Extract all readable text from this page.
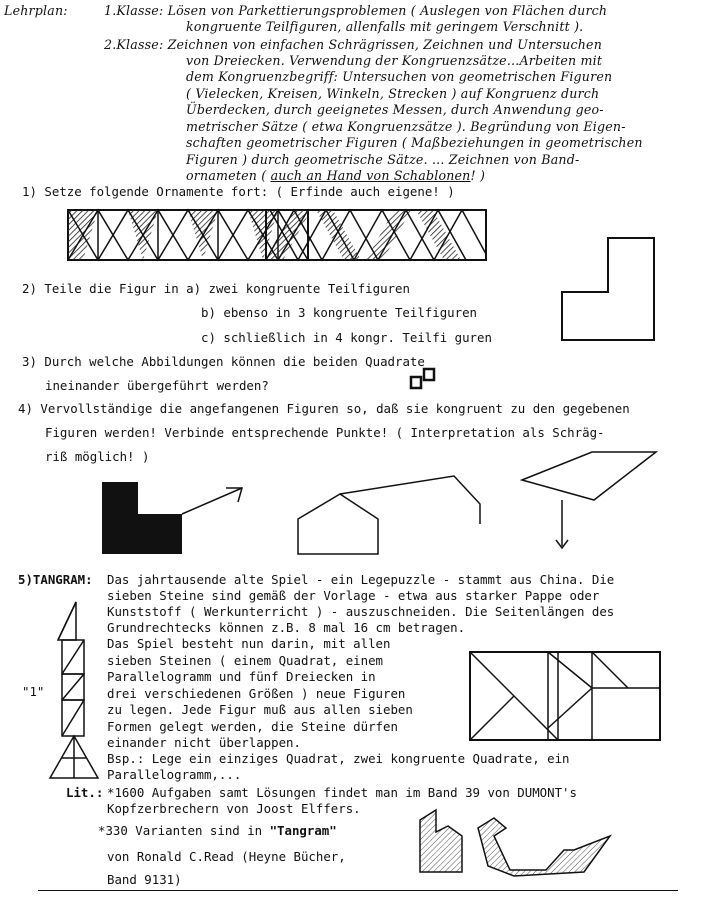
Lehrplan:	1.Klasse: Lösen von Parkettierungsproblemen ( Auslegen von Flächen durch
kongruente Teilfiguren, allenfalls mit geringem Verschnitt ).
2.Klasse: Zeichnen von einfachen Schrägrissen, Zeichnen und Untersuchen
von Dreiecken. Verwendung der Kongruenzsätze...Arbeiten mit
dem Kongruenzbegriff: Untersuchen von geometrischen Figuren
( Vielecken, Kreisen, Winkeln, Strecken ) auf Kongruenz durch
Überdecken, durch geeignetes Messen, durch Anwendung geo-
metrischer Sätze ( etwa Kongruenzsätze ). Begründung von Eigen-
schaften geometrischer Figuren ( Maßbeziehungen in geometrischen
Figuren ) durch geometrische Sätze. ... Zeichnen von Band-
ornameten ( auch an Hand von Schablonen! )
1) Setze folgende Ornamente fort: ( Erfinde auch eigene! )
2) Teile die Figur in a) zwei kongruente Teilfiguren
b) ebenso in 3 kongruente Teilfiguren
c) schließlich in 4 kongr. Teilfi guren
3) Durch welche Abbildungen können die beiden Quadrate
ineinander übergeführt werden?
4) Vervollständige die angefangenen Figuren so, daß sie kongruent zu den gegebenen
Figuren werden! Verbinde entsprechende Punkte! ( Interpretation als Schräg-
riß möglich! )
5)TANGRAM: Das jahrtausende alte Spiel - ein Legepuzzle - stammt aus China. Die
sieben Steine sind gemäß der Vorlage - etwa aus starker Pappe oder
Kunststoff ( Werkunterricht ) - auszuschneiden. Die Seitenlängen des
Grundrechtecks können z.B. 8 mal 16 cm betragen.
Das Spiel besteht nun darin, mit allen
sieben Steinen ( einem Quadrat, einem
Parallelogramm und fünf Dreiecken in
drei verschiedenen Größen ) neue Figuren
zu legen. Jede Figur muß aus allen sieben
Formen gelegt werden, die Steine dürfen
einander nicht überlappen.
Bsp.: Lege ein einziges Quadrat, zwei kongruente Quadrate, ein
Parallelogramm,...
"1"
Lit.: *1600 Aufgaben samt Lösungen findet man im Band 39 von DUMONT's
Kopfzerbrechern von Joost Elffers.
*330 Varianten sind in "Tangram"
von Ronald C.Read (Heyne Bücher,
Band 9131)
